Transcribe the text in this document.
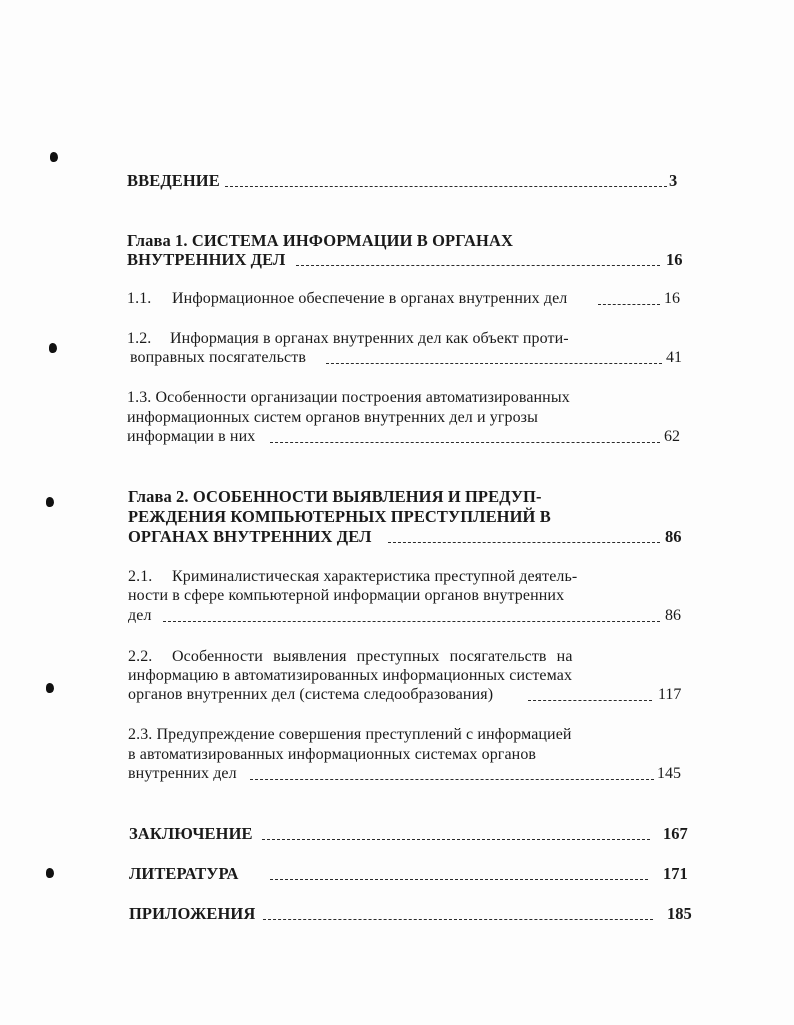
ВВЕДЕНИЕ	3
Глава 1. СИСТЕМА ИНФОРМАЦИИ В ОРГАНАХ
ВНУТРЕННИХ ДЕЛ	16
1.1. Информационное обеспечение в органах внутренних дел	16
1.2. Информация в органах внутренних дел как объект проти-
воправных посягательств	41
1.3. Особенности организации построения автоматизированных
информационных систем органов внутренних дел и угрозы
информации в них	62
Глава 2. ОСОБЕННОСТИ ВЫЯВЛЕНИЯ И ПРЕДУП-
РЕЖДЕНИЯ КОМПЬЮТЕРНЫХ ПРЕСТУПЛЕНИЙ В
ОРГАНАХ ВНУТРЕННИХ ДЕЛ	86
2.1. Криминалистическая характеристика преступной деятель-
ности в сфере компьютерной информации органов внутренних
дел	86
2.2. Особенности выявления преступных посягательств на
информацию в автоматизированных информационных системах
органов внутренних дел (система следообразования)	117
2.3. Предупреждение совершения преступлений с информацией
в автоматизированных информационных системах органов
внутренних дел	145
ЗАКЛЮЧЕНИЕ	167
ЛИТЕРАТУРА	171
ПРИЛОЖЕНИЯ	185
